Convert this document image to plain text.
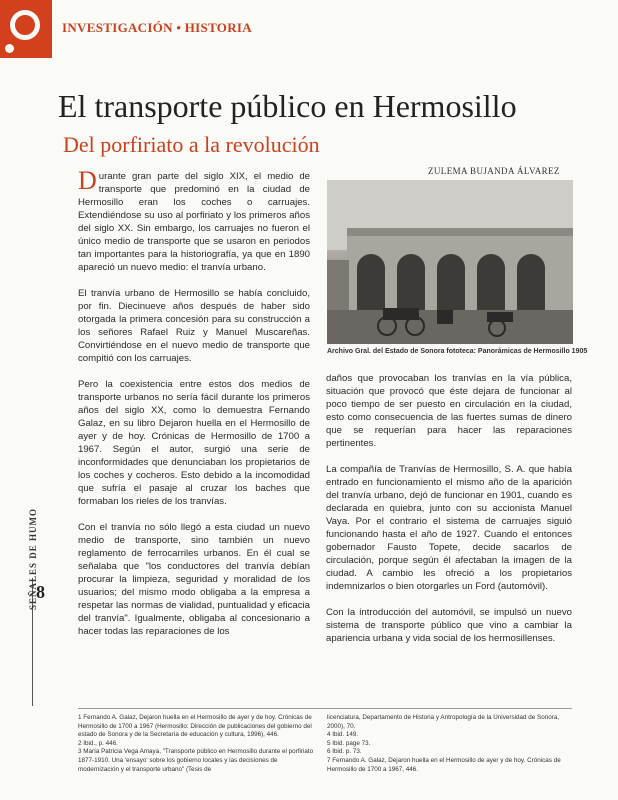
INVESTIGACIÓN • HISTORIA
El transporte público en Hermosillo
Del porfiriato a la revolución
ZULEMA BUJANDA ÁLVAREZ

Durante gran parte del siglo XIX, el medio de transporte que predominó en la ciudad de Hermosillo eran los coches o carruajes. Extendiéndose su uso al porfiriato y los primeros años del siglo XX. Sin embargo, los carruajes no fueron el único medio de transporte que se usaron en periodos tan importantes para la historiografía, ya que en 1890 apareció un nuevo medio: el tranvía urbano.

El tranvía urbano de Hermosillo se había concluido, por fin. Diecinueve años después de haber sido otorgada la primera concesión para su construcción a los señores Rafael Ruiz y Manuel Muscareñas. Convirtiéndose en el nuevo medio de transporte que compitió con los carruajes.

Pero la coexistencia entre estos dos medios de transporte urbanos no sería fácil durante los primeros años del siglo XX, como lo demuestra Fernando Galaz, en su libro Dejaron huella en el Hermosillo de ayer y de hoy. Crónicas de Hermosillo de 1700 a 1967. Según el autor, surgió una serie de inconformidades que denunciaban los propietarios de los coches y cocheros. Esto debido a la incomodidad que sufría el pasaje al cruzar los baches que formaban los rieles de los tranvías.

Con el tranvía no sólo llegó a esta ciudad un nuevo medio de transporte, sino también un nuevo reglamento de ferrocarriles urbanos. En él cual se señalaba que "los conductores del tranvía debían procurar la limpieza, seguridad y moralidad de los usuarios; del mismo modo obligaba a la empresa a respetar las normas de vialidad, puntualidad y eficacia del tranvía". Igualmente, obligaba al concesionario a hacer todas las reparaciones de los

Archivo Gral. del Estado de Sonora fototeca: Panorámicas de Hermosillo 1905

daños que provocaban los tranvías en la vía pública, situación que provocó que éste dejara de funcionar al poco tiempo de ser puesto en circulación en la ciudad, esto como consecuencia de las fuertes sumas de dinero que se requerían para hacer las reparaciones pertinentes.

La compañía de Tranvías de Hermosillo, S. A. que había entrado en funcionamiento el mismo año de la aparición del tranvía urbano, dejó de funcionar en 1901, cuando es declarada en quiebra, junto con su accionista Manuel Vaya. Por el contrario el sistema de carruajes siguió funcionando hasta el año de 1927. Cuando el entonces gobernador Fausto Topete, decide sacarlos de circulación, porque según él afectaban la imagen de la ciudad. A cambio les ofreció a los propietarios indemnizarlos o bien otorgarles un Ford (automóvil).

Con la introducción del automóvil, se impulsó un nuevo sistema de transporte público que vino a cambiar la apariencia urbana y vida social de los hermosillenses.

8
SEÑALES DE HUMO
1 Fernando A. Galaz, Dejaron huella en el Hermosillo de ayer y de hoy. Crónicas de Hermosillo de 1700 a 1967 (Hermosillo: Dirección de publicaciones del gobierno del estado de Sonora y de la Secretaría de educación y cultura, 1996), 446.
2 Ibid., p. 446.
3 María Patricia Vega Amaya, "Transporte público en Hermosillo durante el porfiriato 1877-1910. Una 'ensayo' sobre los gobierno locales y las decisiones de modernización y el transporte urbano" (Tesis de
licenciatura, Departamento de Historia y Antropología de la Universidad de Sonora, 2000), 70.
4 Ibid. 149.
5 Ibid. page 73.
6 Ibid. p. 73.
7 Fernando A. Galaz, Dejaron huella en el Hermosillo de ayer y de hoy. Crónicas de Hermosillo de 1700 a 1967, 446.
